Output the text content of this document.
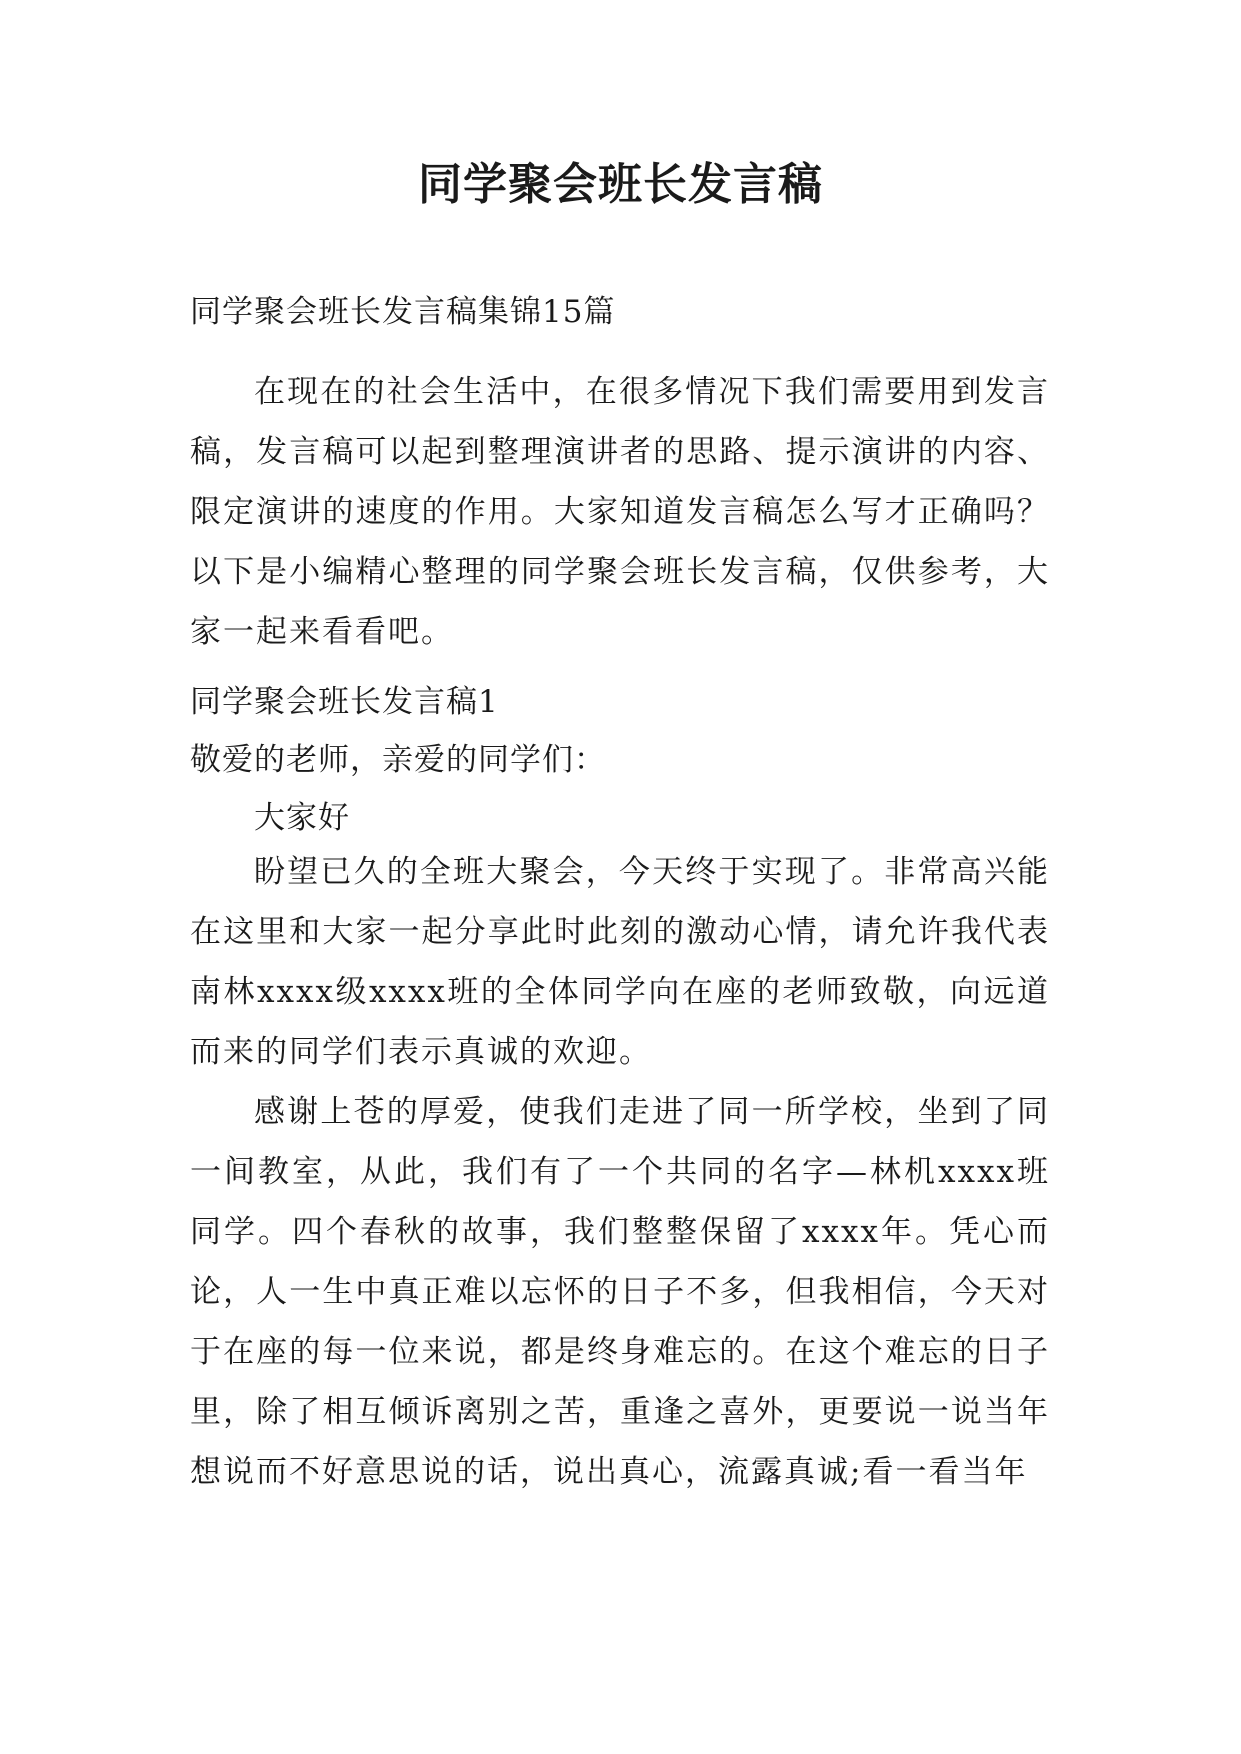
同学聚会班长发言稿
同学聚会班长发言稿集锦15篇

在现在的社会生活中，在很多情况下我们需要用到发言稿，发言稿可以起到整理演讲者的思路、提示演讲的内容、限定演讲的速度的作用。大家知道发言稿怎么写才正确吗？以下是小编精心整理的同学聚会班长发言稿，仅供参考，大家一起来看看吧。

同学聚会班长发言稿1
敬爱的老师，亲爱的同学们：
大家好

盼望已久的全班大聚会，今天终于实现了。非常高兴能在这里和大家一起分享此时此刻的激动心情，请允许我代表南林xxxx级xxxx班的全体同学向在座的老师致敬，向远道而来的同学们表示真诚的欢迎。

感谢上苍的厚爱，使我们走进了同一所学校，坐到了同一间教室，从此，我们有了一个共同的名字—林机xxxx班同学。四个春秋的故事，我们整整保留了xxxx年。凭心而论，人一生中真正难以忘怀的日子不多，但我相信，今天对于在座的每一位来说，都是终身难忘的。在这个难忘的日子里，除了相互倾诉离别之苦，重逢之喜外，更要说一说当年想说而不好意思说的话，说出真心，流露真诚;看一看当年
